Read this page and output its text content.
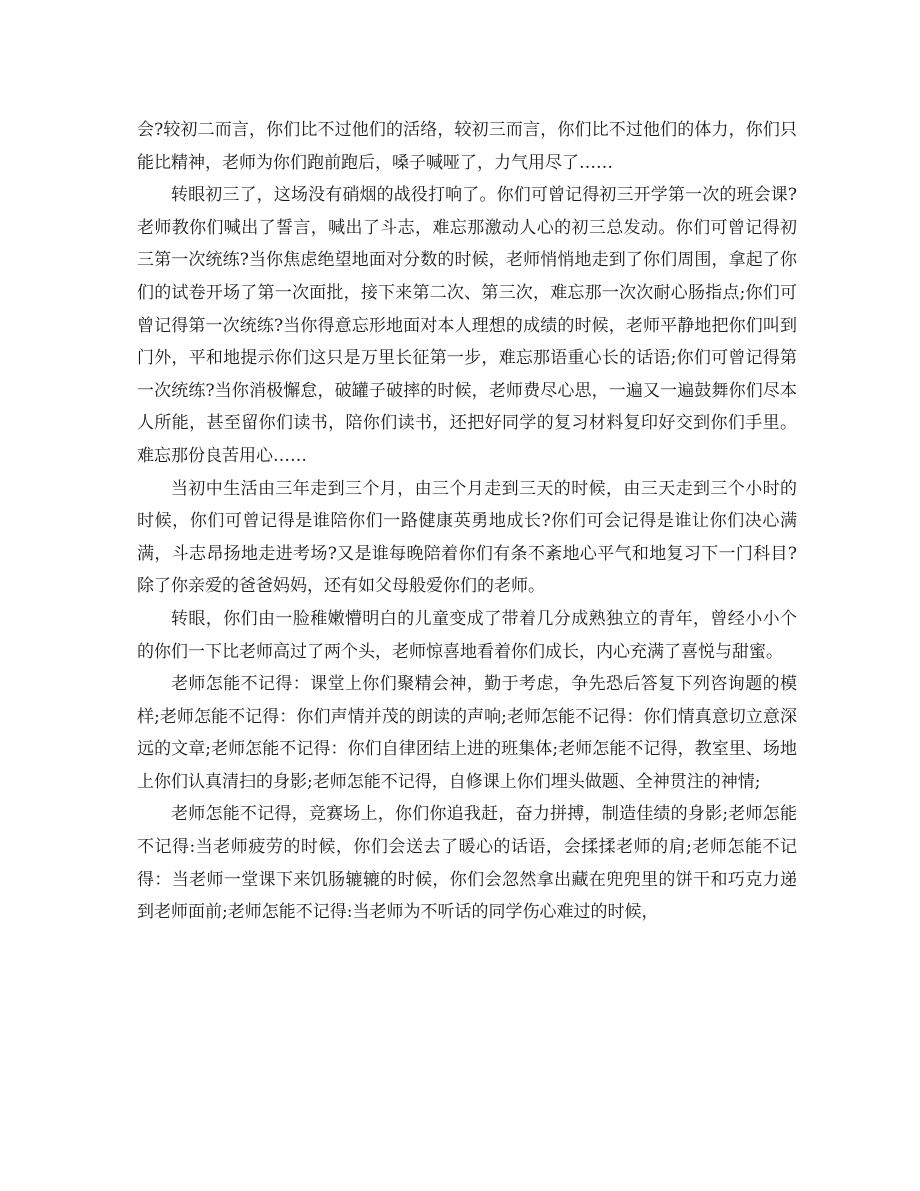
会?较初二而言，你们比不过他们的活络，较初三而言，你们比不过他们的体力，你们只能比精神，老师为你们跑前跑后，嗓子喊哑了，力气用尽了……

转眼初三了，这场没有硝烟的战役打响了。你们可曾记得初三开学第一次的班会课?老师教你们喊出了誓言，喊出了斗志，难忘那激动人心的初三总发动。你们可曾记得初三第一次统练?当你焦虑绝望地面对分数的时候，老师悄悄地走到了你们周围，拿起了你们的试卷开场了第一次面批，接下来第二次、第三次，难忘那一次次耐心肠指点;你们可曾记得第一次统练?当你得意忘形地面对本人理想的成绩的时候，老师平静地把你们叫到门外，平和地提示你们这只是万里长征第一步，难忘那语重心长的话语;你们可曾记得第一次统练?当你消极懈怠，破罐子破摔的时候，老师费尽心思，一遍又一遍鼓舞你们尽本人所能，甚至留你们读书，陪你们读书，还把好同学的复习材料复印好交到你们手里。难忘那份良苦用心……

当初中生活由三年走到三个月，由三个月走到三天的时候，由三天走到三个小时的时候，你们可曾记得是谁陪你们一路健康英勇地成长?你们可会记得是谁让你们决心满满，斗志昂扬地走进考场?又是谁每晚陪着你们有条不紊地心平气和地复习下一门科目?除了你亲爱的爸爸妈妈，还有如父母般爱你们的老师。

转眼，你们由一脸稚嫩懵明白的儿童变成了带着几分成熟独立的青年，曾经小小个的你们一下比老师高过了两个头，老师惊喜地看着你们成长，内心充满了喜悦与甜蜜。

老师怎能不记得：课堂上你们聚精会神，勤于考虑，争先恐后答复下列咨询题的模样;老师怎能不记得：你们声情并茂的朗读的声响;老师怎能不记得：你们情真意切立意深远的文章;老师怎能不记得：你们自律团结上进的班集体;老师怎能不记得，教室里、场地上你们认真清扫的身影;老师怎能不记得，自修课上你们埋头做题、全神贯注的神情;

老师怎能不记得，竞赛场上，你们你追我赶，奋力拼搏，制造佳绩的身影;老师怎能不记得:当老师疲劳的时候，你们会送去了暖心的话语，会揉揉老师的肩;老师怎能不记得：当老师一堂课下来饥肠辘辘的时候，你们会忽然拿出藏在兜兜里的饼干和巧克力递到老师面前;老师怎能不记得:当老师为不听话的同学伤心难过的时候，
